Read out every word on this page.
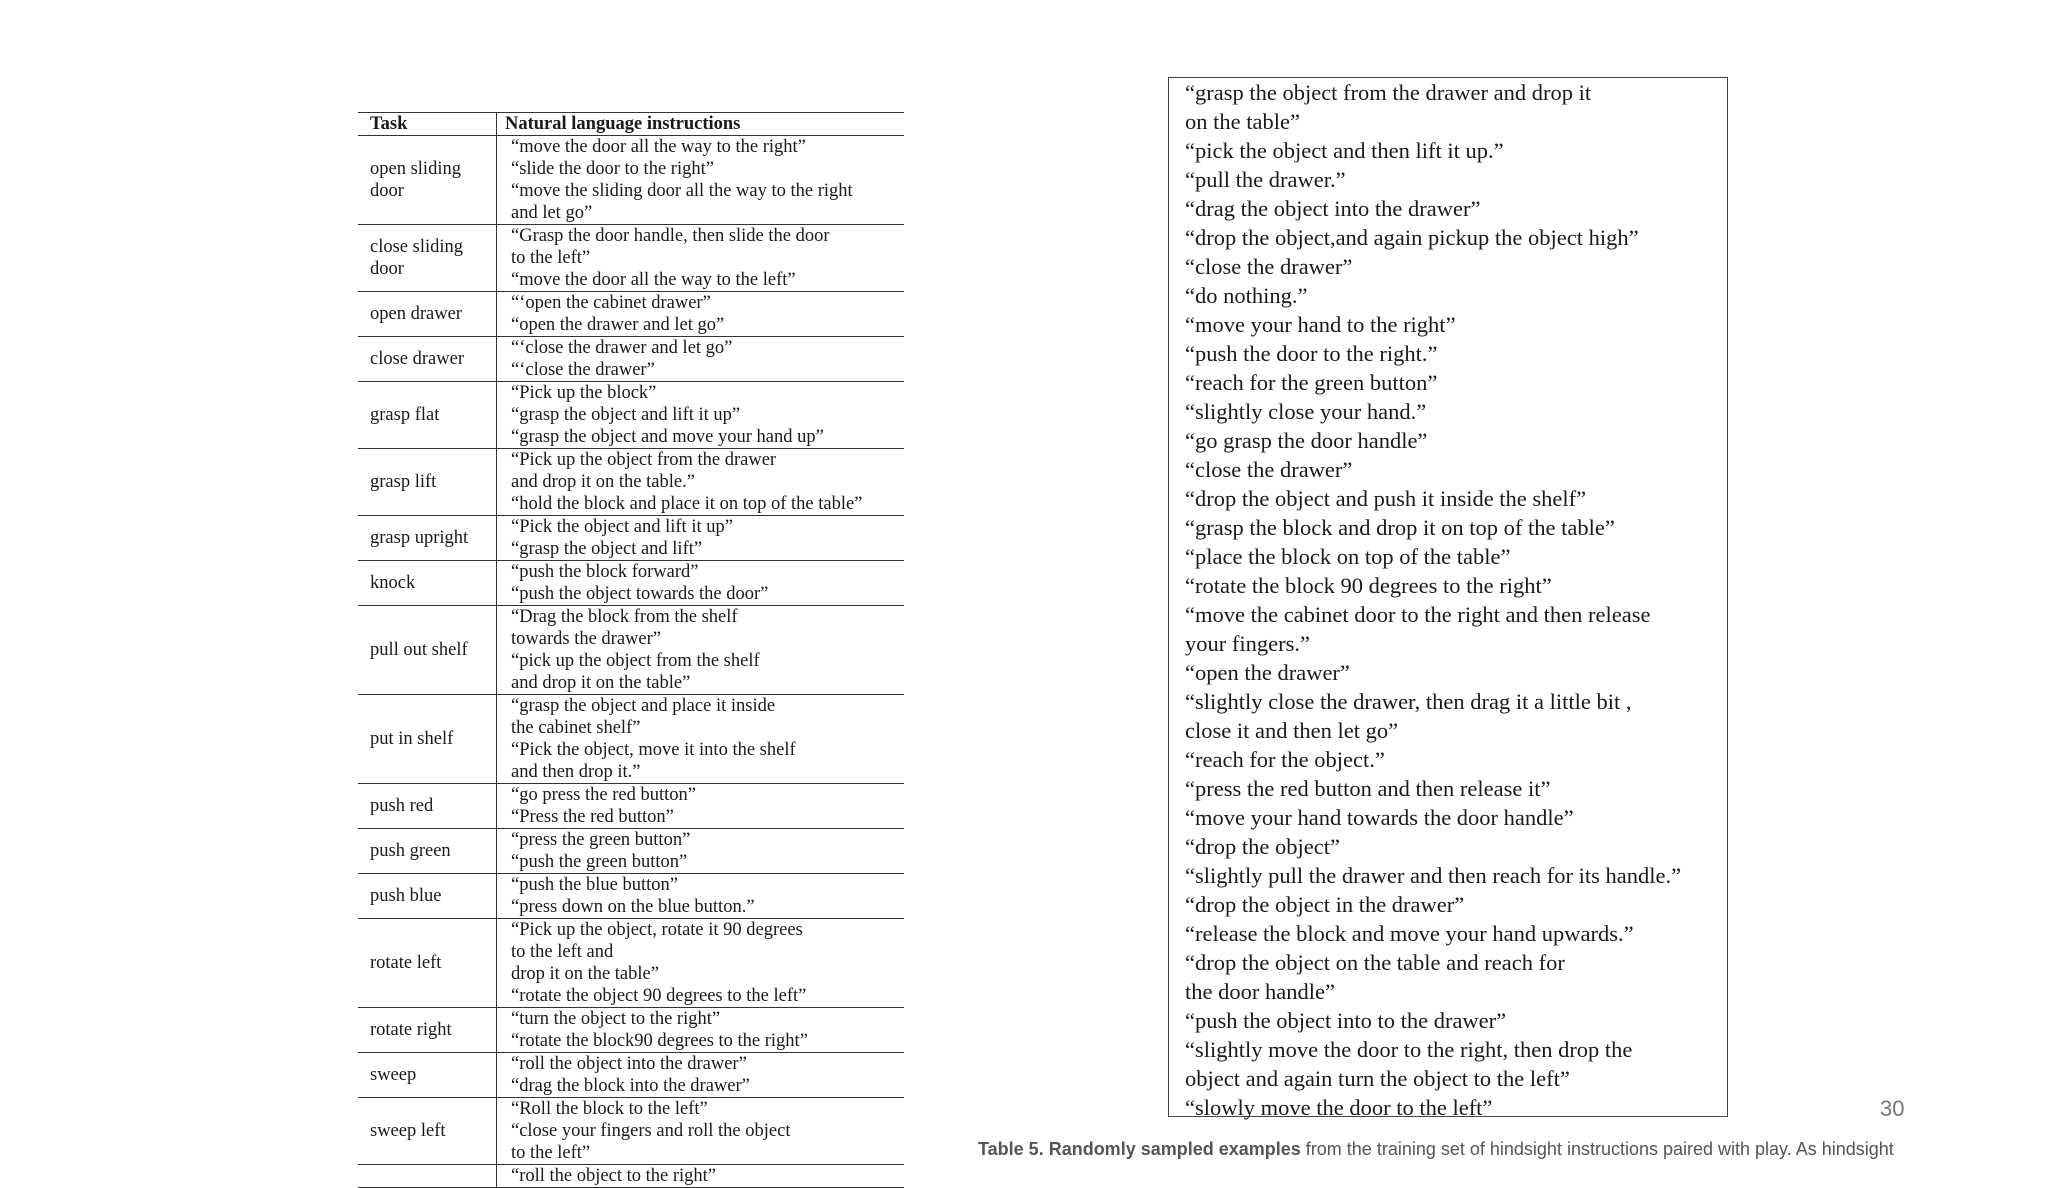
Task	Natural language instructions

open sliding
door	“move the door all the way to the right”
“slide the door to the right”
“move the sliding door all the way to the right
and let go”

close sliding
door	“Grasp the door handle, then slide the door
to the left”
“move the door all the way to the left”

open drawer	“‘open the cabinet drawer”
“open the drawer and let go”

close drawer	“‘close the drawer and let go”
“‘close the drawer”

grasp flat	“Pick up the block”
“grasp the object and lift it up”
“grasp the object and move your hand up”

grasp lift	“Pick up the object from the drawer
and drop it on the table.”
“hold the block and place it on top of the table”

grasp upright	“Pick the object and lift it up”
“grasp the object and lift”

knock	“push the block forward”
“push the object towards the door”

pull out shelf	“Drag the block from the shelf
towards the drawer”
“pick up the object from the shelf
and drop it on the table”

put in shelf	“grasp the object and place it inside
the cabinet shelf”
“Pick the object, move it into the shelf
and then drop it.”

push red	“go press the red button”
“Press the red button”

push green	“press the green button”
“push the green button”

push blue	“push the blue button”
“press down on the blue button.”

rotate left	“Pick up the object, rotate it 90 degrees
to the left and
drop it on the table”
“rotate the object 90 degrees to the left”

rotate right	“turn the object to the right”
“rotate the block90 degrees to the right”

sweep	“roll the object into the drawer”
“drag the block into the drawer”

sweep left	“Roll the block to the left”
“close your fingers and roll the object
to the left”

	“roll the object to the right”
“grasp the object from the drawer and drop it
on the table”
“pick the object and then lift it up.”
“pull the drawer.”
“drag the object into the drawer”
“drop the object,and again pickup the object high”
“close the drawer”
“do nothing.”
“move your hand to the right”
“push the door to the right.”
“reach for the green button”
“slightly close your hand.”
“go grasp the door handle”
“close the drawer”
“drop the object and push it inside the shelf”
“grasp the block and drop it on top of the table”
“place the block on top of the table”
“rotate the block 90 degrees to the right”
“move the cabinet door to the right and then release
your fingers.”
“open the drawer”
“slightly close the drawer, then drag it a little bit ,
close it and then let go”
“reach for the object.”
“press the red button and then release it”
“move your hand towards the door handle”
“drop the object”
“slightly pull the drawer and then reach for its handle.”
“drop the object in the drawer”
“release the block and move your hand upwards.”
“drop the object on the table and reach for
the door handle”
“push the object into to the drawer”
“slightly move the door to the right, then drop the
object and again turn the object to the left”
“slowly move the door to the left”
Table 5. Randomly sampled examples from the training set of hindsight instructions paired with play. As hindsight
30
